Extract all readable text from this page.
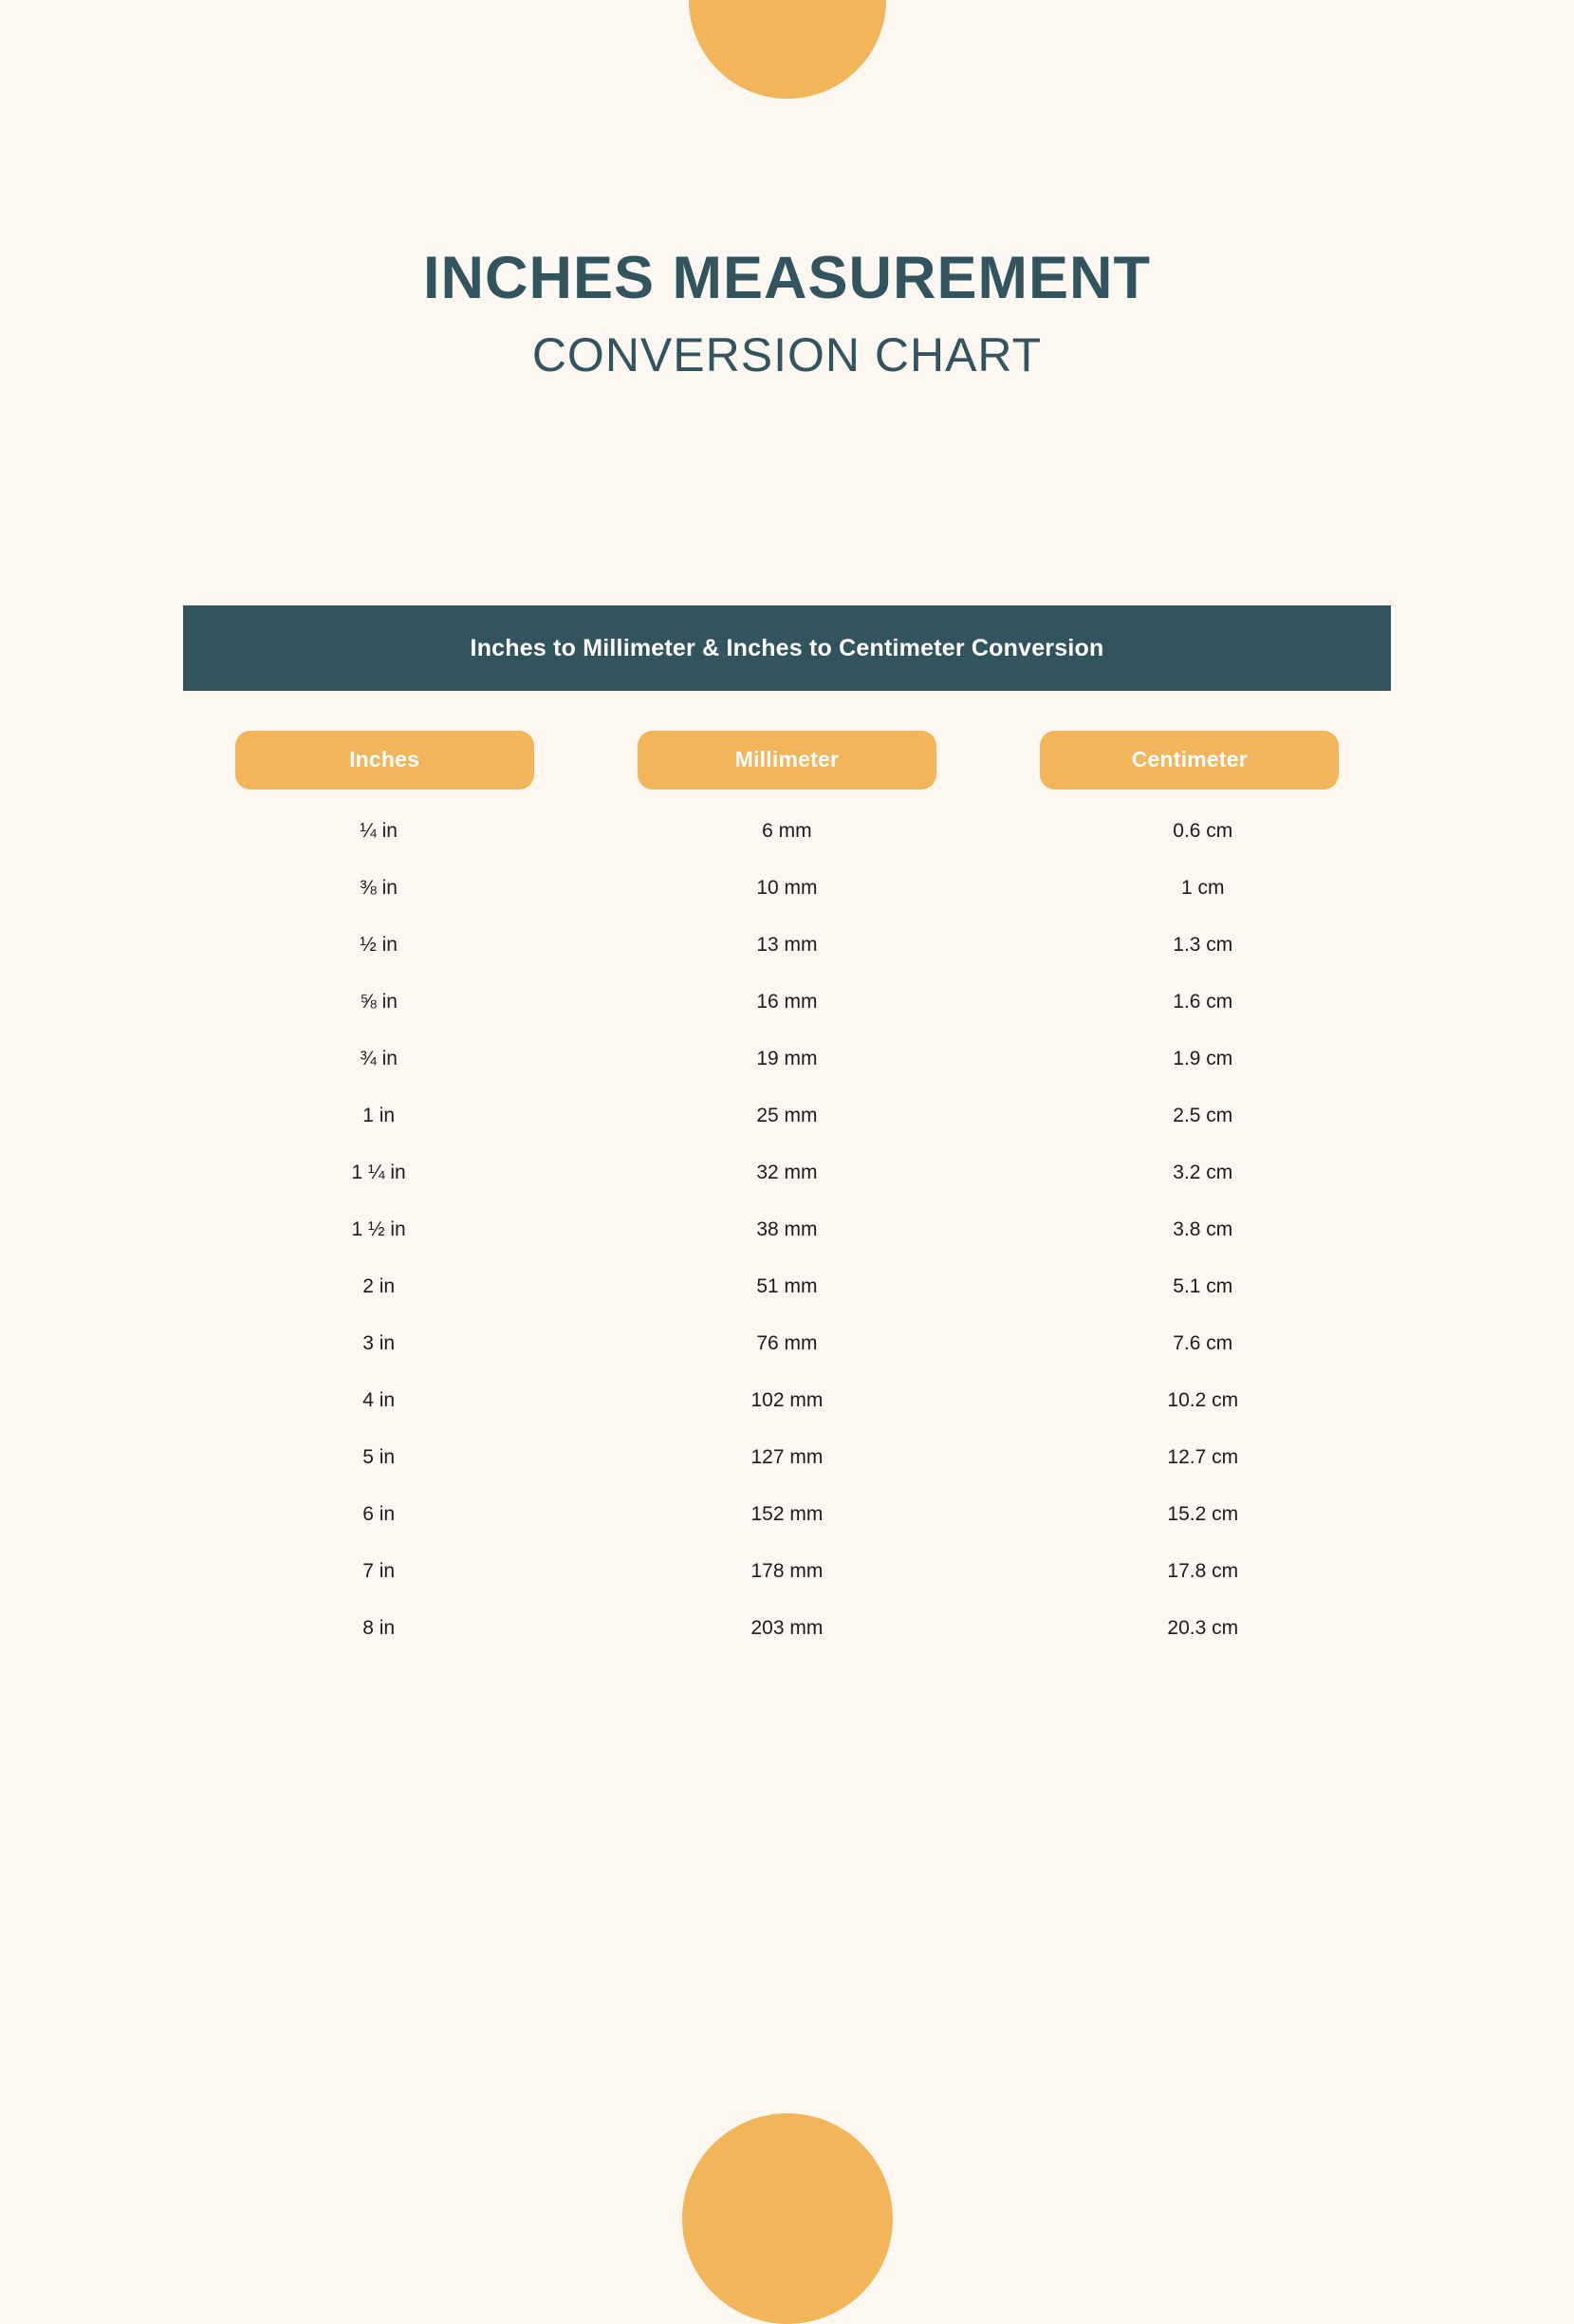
INCHES MEASUREMENT
CONVERSION CHART
Inches to Millimeter & Inches to Centimeter Conversion
Inches	Millimeter	Centimeter
¼ in	6 mm	0.6 cm
⅜ in	10 mm	1 cm
½ in	13 mm	1.3 cm
⅝ in	16 mm	1.6 cm
¾ in	19 mm	1.9 cm
1 in	25 mm	2.5 cm
1 ¼ in	32 mm	3.2 cm
1 ½ in	38 mm	3.8 cm
2 in	51 mm	5.1 cm
3 in	76 mm	7.6 cm
4 in	102 mm	10.2 cm
5 in	127 mm	12.7 cm
6 in	152 mm	15.2 cm
7 in	178 mm	17.8 cm
8 in	203 mm	20.3 cm
